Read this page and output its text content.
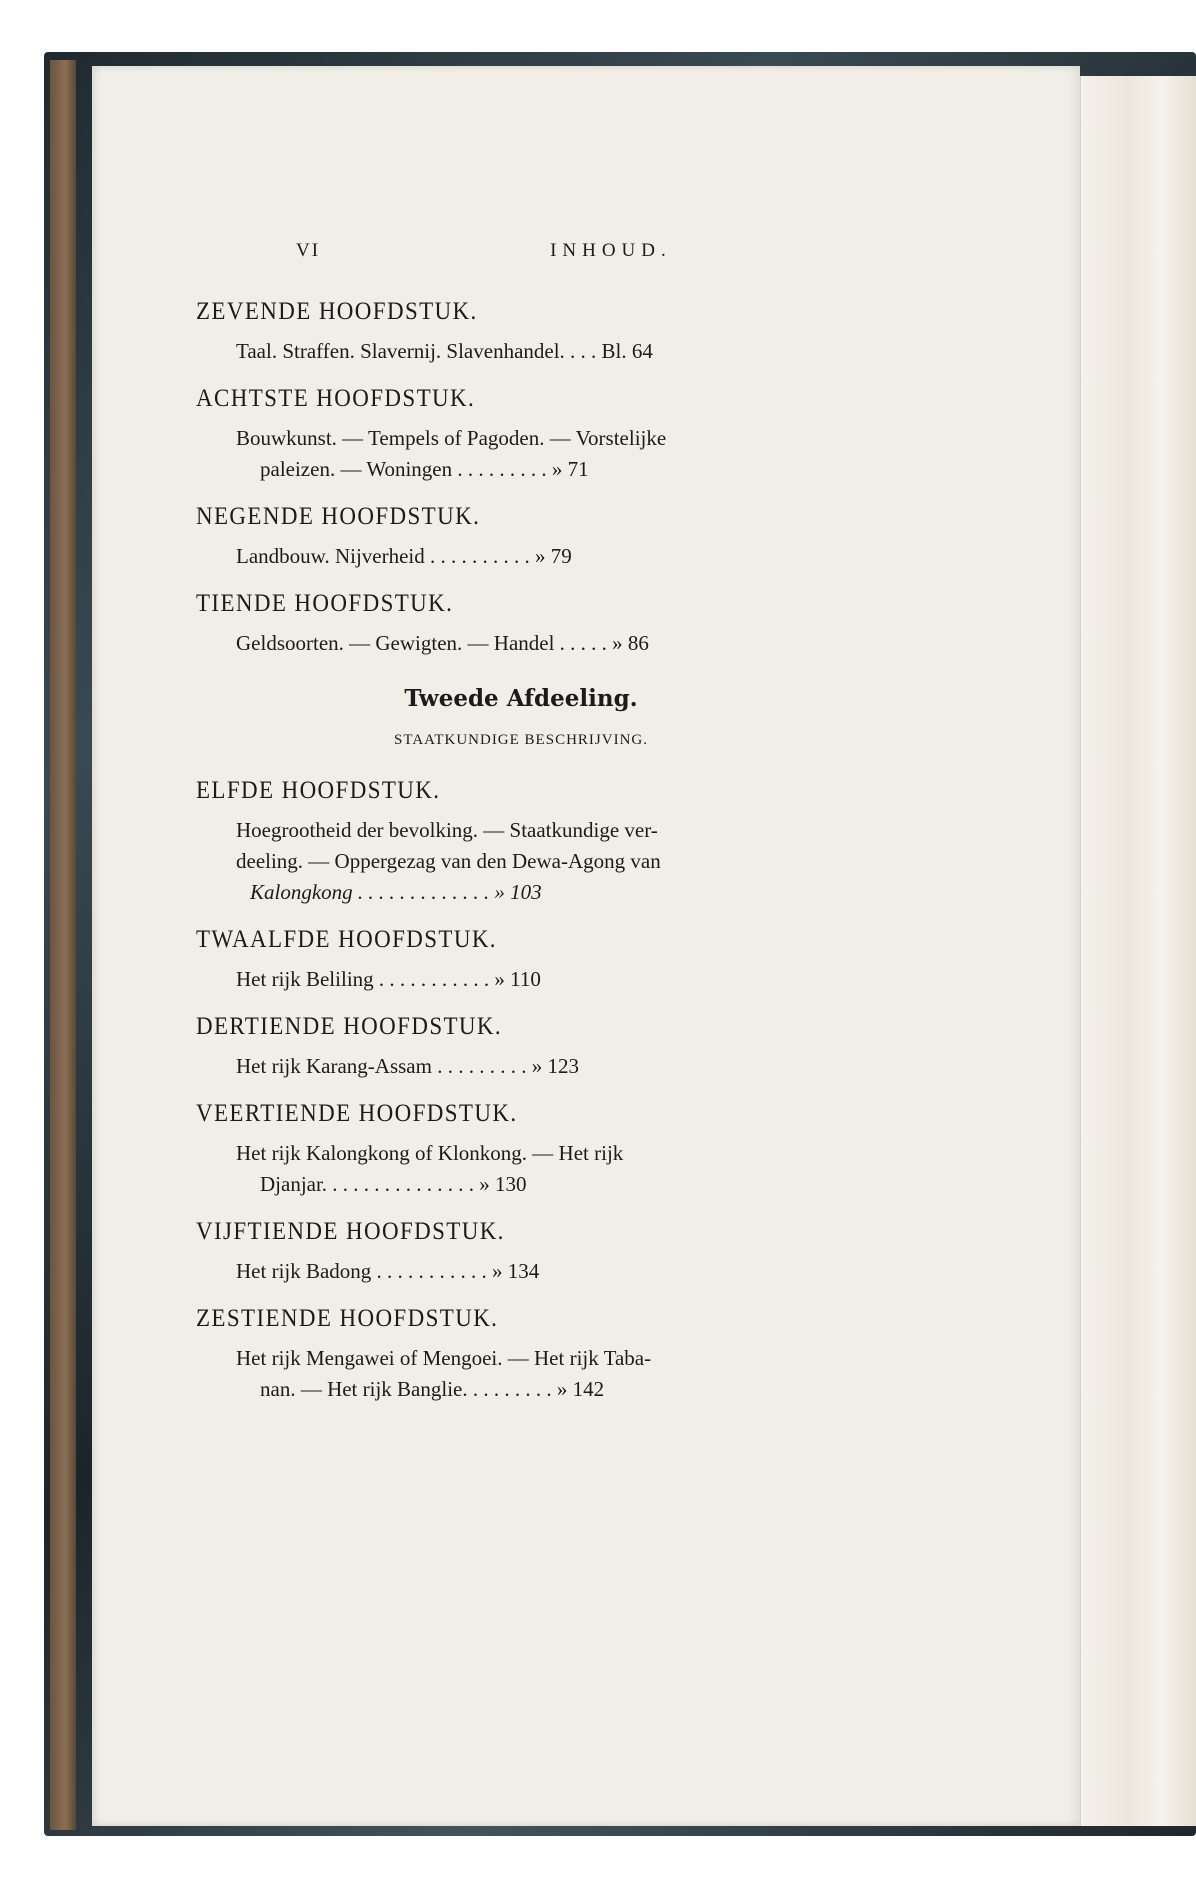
VI	INHOUD.
ZEVENDE HOOFDSTUK.
Taal. Straffen. Slavernij. Slavenhandel. . . . Bl. 64
ACHTSTE HOOFDSTUK.
Bouwkunst. — Tempels of Pagoden. — Vorstelijke
paleizen. — Woningen . . . . . . . . . » 71
NEGENDE HOOFDSTUK.
Landbouw. Nijverheid . . . . . . . . . . » 79
TIENDE HOOFDSTUK.
Geldsoorten. — Gewigten. — Handel . . . . . » 86
Tweede Afdeeling.
STAATKUNDIGE BESCHRIJVING.
ELFDE HOOFDSTUK.
Hoegrootheid der bevolking. — Staatkundige ver-
deeling. — Oppergezag van den Dewa-Agong van
Kalongkong . . . . . . . . . . . . . » 103
TWAALFDE HOOFDSTUK.
Het rijk Beliling . . . . . . . . . . . » 110
DERTIENDE HOOFDSTUK.
Het rijk Karang-Assam . . . . . . . . . » 123
VEERTIENDE HOOFDSTUK.
Het rijk Kalongkong of Klonkong. — Het rijk
Djanjar. . . . . . . . . . . . . . . » 130
VIJFTIENDE HOOFDSTUK.
Het rijk Badong . . . . . . . . . . . » 134
ZESTIENDE HOOFDSTUK.
Het rijk Mengawei of Mengoei. — Het rijk Taba-
nan. — Het rijk Banglie. . . . . . . . . » 142
